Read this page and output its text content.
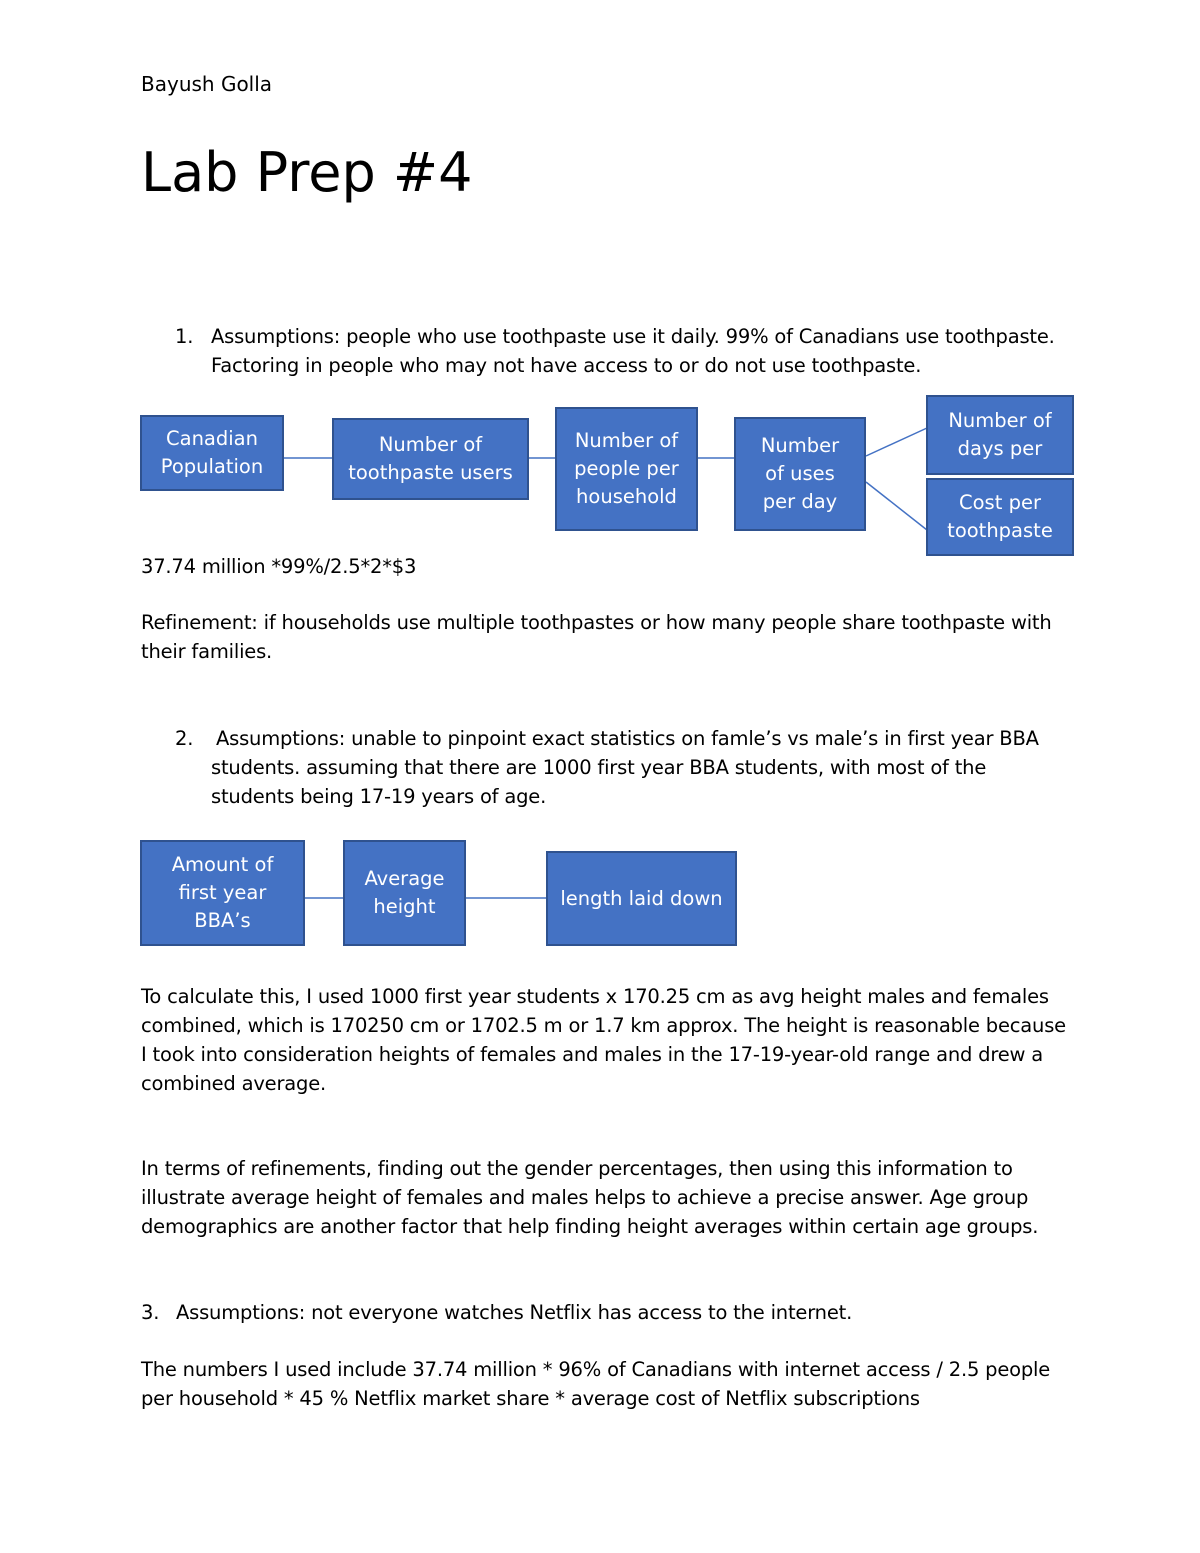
Bayush Golla
Lab Prep #4
1. Assumptions: people who use toothpaste use it daily. 99% of Canadians use toothpaste.
Factoring in people who may not have access to or do not use toothpaste.
Canadian
Population
Number of
toothpaste users
Number of
people per
household
Number
of uses
per day
Number of
days per
Cost per
toothpaste
37.74 million *99%/2.5*2*$3
Refinement: if households use multiple toothpastes or how many people share toothpaste with
their families.
2. Assumptions: unable to pinpoint exact statistics on famle’s vs male’s in first year BBA
students. assuming that there are 1000 first year BBA students, with most of the
students being 17-19 years of age.
Amount of
first year
BBA’s
Average
height	length laid down
To calculate this, I used 1000 first year students x 170.25 cm as avg height males and females
combined, which is 170250 cm or 1702.5 m or 1.7 km approx. The height is reasonable because
I took into consideration heights of females and males in the 17-19-year-old range and drew a
combined average.
In terms of refinements, finding out the gender percentages, then using this information to
illustrate average height of females and males helps to achieve a precise answer. Age group
demographics are another factor that help finding height averages within certain age groups.
3. Assumptions: not everyone watches Netflix has access to the internet.
The numbers I used include 37.74 million * 96% of Canadians with internet access / 2.5 people
per household * 45 % Netflix market share * average cost of Netflix subscriptions
